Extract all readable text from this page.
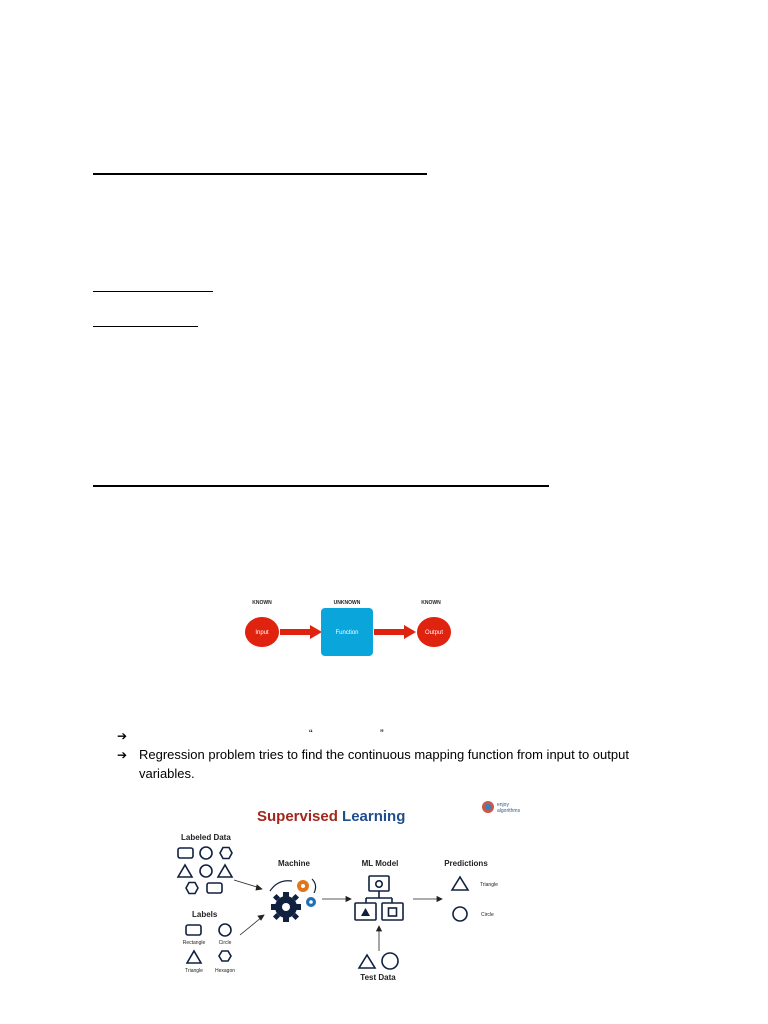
KNOWN	UNKNOWN	KNOWN
Input	Function	Output
➔	“	”
➔ Regression problem tries to find the continuous mapping function from input to output variables.
Supervised Learning
enjoy
algorithms
Labeled Data
Labels
Rectangle	Circle
Triangle Hexagon
Machine	ML Model	Predictions
Triangle
Circle
Test Data
